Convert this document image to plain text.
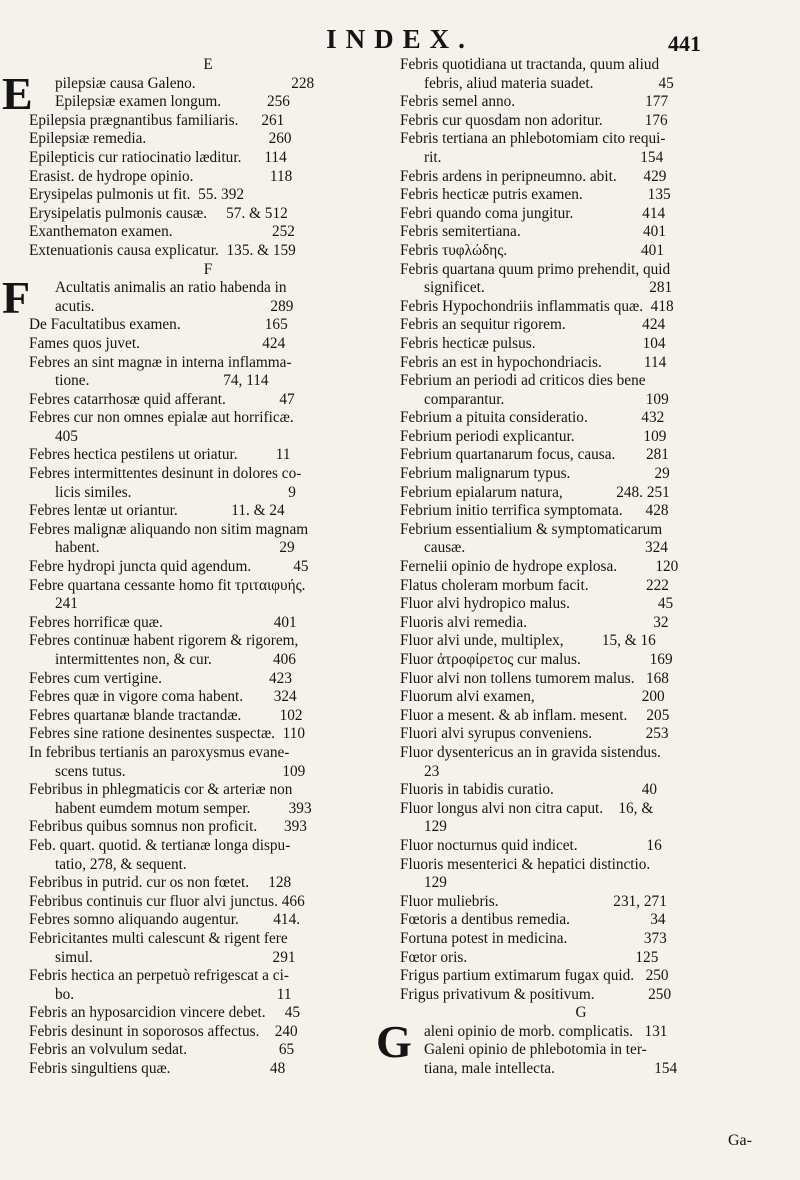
INDEX.	441
E
E pilepsiæ causa Galeno.                         228
Epilepsiæ examen longum.            256
Epilepsia prægnantibus familiaris.      261
Epilepsiæ remedia.                                260
Epilepticis cur ratiocinatio læditur.      114
Erasist. de hydrope opinio.                    118
Erysipelas pulmonis ut fit.  55. 392
Erysipelatis pulmonis causæ.     57. & 512
Exanthematon examen.                          252
Extenuationis causa explicatur.  135. & 159
F
F Acultatis animalis an ratio habenda in
acutis.                                              289
De Facultatibus examen.                      165
Fames quos juvet.                                424
Febres an sint magnæ in interna inflamma-
tione.                                   74, 114
Febres catarrhosæ quid afferant.              47
Febres cur non omnes epialæ aut horrificæ.
405
Febres hectica pestilens ut oriatur.          11
Febres intermittentes desinunt in dolores co-
licis similes.                                         9
Febres lentæ ut oriantur.              11. & 24
Febres malignæ aliquando non sitim magnam
habent.                                               29
Febre hydropi juncta quid agendum.           45
Febre quartana cessante homo fit τριταιφυής.
241
Febres horrificæ quæ.                             401
Febres continuæ habent rigorem & rigorem,
intermittentes non, & cur.                406
Febres cum vertigine.                            423
Febres quæ in vigore coma habent.        324
Febres quartanæ blande tractandæ.          102
Febres sine ratione desinentes suspectæ.  110
In febribus tertianis an paroxysmus evane-
scens tutus.                                         109
Febribus in phlegmaticis cor & arteriæ non
habent eumdem motum semper.          393
Febribus quibus somnus non proficit.       393
Feb. quart. quotid. & tertianæ longa dispu-
tatio, 278, & sequent.
Febribus in putrid. cur os non fœtet.     128
Febribus continuis cur fluor alvi junctus. 466
Febres somno aliquando augentur.         414.
Febricitantes multi calescunt & rigent fere
simul.                                               291
Febris hectica an perpetuò refrigescat a ci-
bo.                                                     11
Febris an hyposarcidion vincere debet.     45
Febris desinunt in soporosos affectus.    240
Febris an volvulum sedat.                        65
Febris singultiens quæ.                          48
Febris quotidiana ut tractanda, quum aliud
febris, aliud materia suadet.                 45
Febris semel anno.                                  177
Febris cur quosdam non adoritur.           176
Febris tertiana an phlebotomiam cito requi-
rit.                                                    154
Febris ardens in peripneumno. abit.       429
Febris hecticæ putris examen.                 135
Febri quando coma jungitur.                  414
Febris semitertiana.                                401
Febris τυφλώδης.                                   401
Febris quartana quum primo prehendit, quid
significet.                                           281
Febris Hypochondriis inflammatis quæ.  418
Febris an sequitur rigorem.                    424
Febris hecticæ pulsus.                            104
Febris an est in hypochondriacis.           114
Febrium an periodi ad criticos dies bene
comparantur.                                     109
Febrium a pituita consideratio.              432
Febrium periodi explicantur.                  109
Febrium quartanarum focus, causa.        281
Febrium malignarum typus.                      29
Febrium epialarum natura,              248. 251
Febrium initio terrifica symptomata.      428
Febrium essentialium & symptomaticarum
causæ.                                               324
Fernelii opinio de hydrope explosa.          120
Flatus choleram morbum facit.               222
Fluor alvi hydropico malus.                       45
Fluoris alvi remedia.                                 32
Fluor alvi unde, multiplex,          15, & 16
Fluor ἀτροφίρετος cur malus.                  169
Fluor alvi non tollens tumorem malus.   168
Fluorum alvi examen,                            200
Fluor a mesent. & ab inflam. mesent.     205
Fluori alvi syrupus conveniens.              253
Fluor dysentericus an in gravida sistendus.
23
Fluoris in tabidis curatio.                       40
Fluor longus alvi non citra caput.    16, &
129
Fluor nocturnus quid indicet.                  16
Fluoris mesenterici & hepatici distinctio.
129
Fluor muliebris.                              231, 271
Fœtoris a dentibus remedia.                     34
Fortuna potest in medicina.                    373
Fœtor oris.                                            125
Frigus partium extimarum fugax quid.   250
Frigus privativum & positivum.              250
G
G aleni opinio de morb. complicatis.   131
Galeni opinio de phlebotomia in ter-
tiana, male intellecta.                          154
Ga-
